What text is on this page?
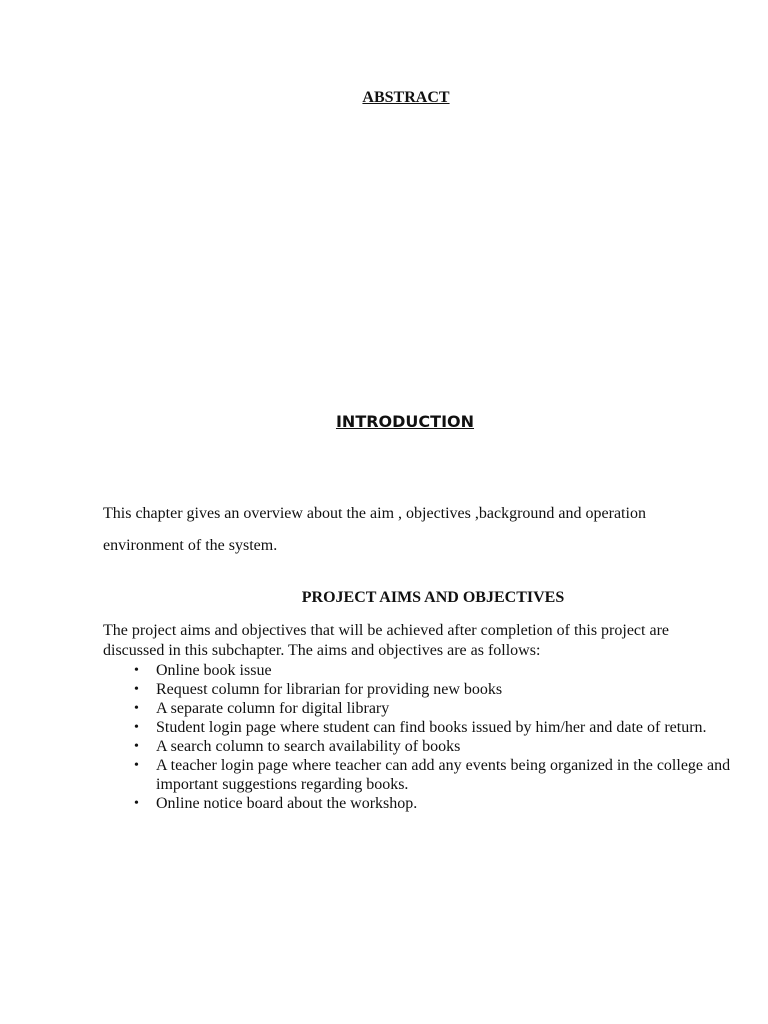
ABSTRACT
INTRODUCTION

This chapter gives an overview about the aim , objectives ,background and operation environment of the system.

PROJECT AIMS AND OBJECTIVES

The project aims and objectives that will be achieved after completion of this project are discussed in this subchapter. The aims and objectives are as follows:

• Online book issue
• Request column for librarian for providing new books
• A separate column for digital library
• Student login page where student can find books issued by him/her and date of return.
• A search column to search availability of books
• A teacher login page where teacher can add any events being organized in the college and important suggestions regarding books.
• Online notice board about the workshop.
